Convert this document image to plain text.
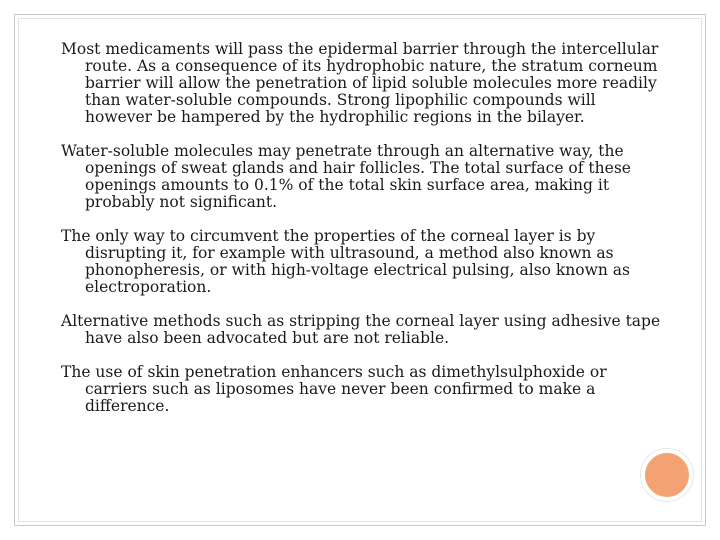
Most medicaments will pass the epidermal barrier through the intercellular route. As a consequence of its hydrophobic nature, the stratum corneum barrier will allow the penetration of lipid soluble molecules more readily than water-soluble compounds. Strong lipophilic compounds will however be hampered by the hydrophilic regions in the bilayer.

Water-soluble molecules may penetrate through an alternative way, the openings of sweat glands and hair follicles. The total surface of these openings amounts to 0.1% of the total skin surface area, making it probably not significant.

The only way to circumvent the properties of the corneal layer is by disrupting it, for example with ultrasound, a method also known as phonopheresis, or with high-voltage electrical pulsing, also known as electroporation.

Alternative methods such as stripping the corneal layer using adhesive tape have also been advocated but are not reliable.

The use of skin penetration enhancers such as dimethylsulphoxide or carriers such as liposomes have never been confirmed to make a difference.
